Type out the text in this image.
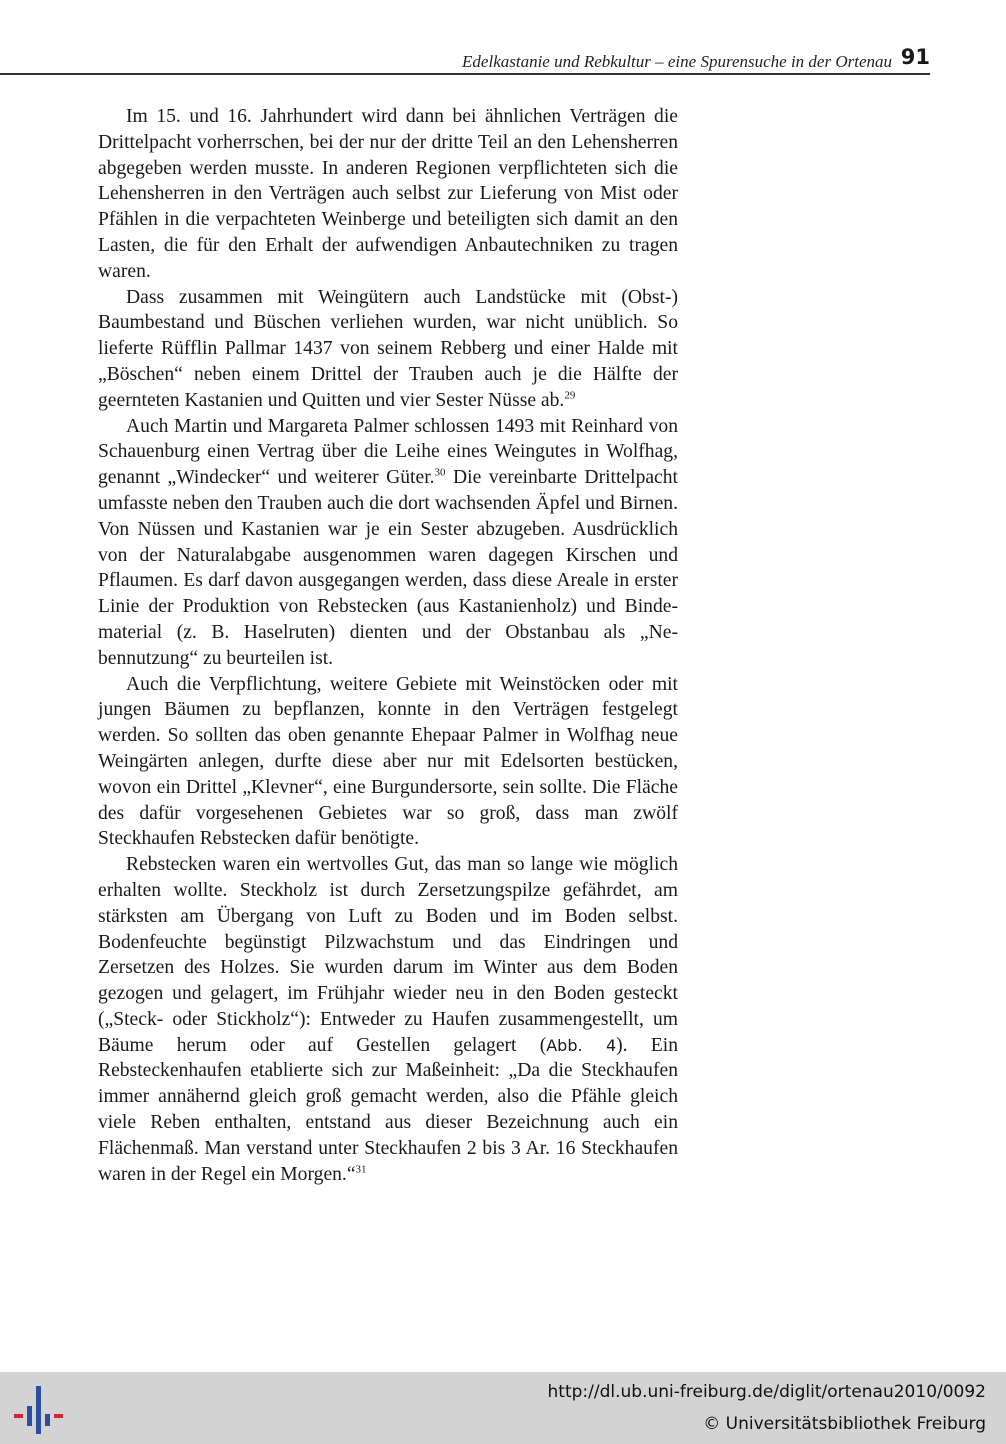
Edelkastanie und Rebkultur – eine Spurensuche in der Ortenau 91

Im 15. und 16. Jahrhundert wird dann bei ähnlichen Verträgen die Drittelpacht vorherrschen, bei der nur der dritte Teil an den Lehensherren abgegeben werden musste. In anderen Regionen verpflichteten sich die Lehensherren in den Verträgen auch selbst zur Lieferung von Mist oder Pfählen in die verpachteten Weinberge und beteiligten sich damit an den Lasten, die für den Erhalt der aufwendigen Anbautechniken zu tragen waren.

Dass zusammen mit Weingütern auch Landstücke mit (Obst-) Baumbestand und Büschen verliehen wurden, war nicht unüblich. So lieferte Rüfflin Pallmar 1437 von seinem Rebberg und einer Halde mit „Böschen“ neben einem Drittel der Trauben auch je die Hälfte der geernteten Kastanien und Quitten und vier Sester Nüsse ab.$^{29}$

Auch Martin und Margareta Palmer schlossen 1493 mit Reinhard von Schauenburg einen Vertrag über die Leihe eines Weingutes in Wolfhag, genannt „Windecker“ und weiterer Güter.$^{30}$ Die vereinbarte Drittelpacht umfasste neben den Trauben auch die dort wachsenden Äpfel und Birnen. Von Nüssen und Kastanien war je ein Sester abzugeben. Ausdrücklich von der Naturalabgabe ausgenommen waren dagegen Kirschen und Pflaumen. Es darf davon ausgegangen werden, dass diese Areale in erster Linie der Produktion von Rebstecken (aus Kastanienholz) und Bindematerial (z. B. Haselruten) dienten und der Obstanbau als „Nebennutzung“ zu beurteilen ist.

Auch die Verpflichtung, weitere Gebiete mit Weinstöcken oder mit jungen Bäumen zu bepflanzen, konnte in den Verträgen festgelegt werden. So sollten das oben genannte Ehepaar Palmer in Wolfhag neue Weingärten anlegen, durfte diese aber nur mit Edelsorten bestücken, wovon ein Drittel „Klevner“, eine Burgundersorte, sein sollte. Die Fläche des dafür vorgesehenen Gebietes war so groß, dass man zwölf Steckhaufen Rebstecken dafür benötigte.

Rebstecken waren ein wertvolles Gut, das man so lange wie möglich erhalten wollte. Steckholz ist durch Zersetzungspilze gefährdet, am stärksten am Übergang von Luft zu Boden und im Boden selbst. Bodenfeuchte begünstigt Pilzwachstum und das Eindringen und Zersetzen des Holzes. Sie wurden darum im Winter aus dem Boden gezogen und gelagert, im Frühjahr wieder neu in den Boden gesteckt („Steck- oder Stickholz“): Entweder zu Haufen zusammengestellt, um Bäume herum oder auf Gestellen gelagert (Abb. 4). Ein Rebsteckenhaufen etablierte sich zur Maßeinheit: „Da die Steckhaufen immer annähernd gleich groß gemacht werden, also die Pfähle gleich viele Reben enthalten, entstand aus dieser Bezeichnung auch ein Flächenmaß. Man verstand unter Steckhaufen 2 bis 3 Ar. 16 Steckhaufen waren in der Regel ein Morgen.“$^{31}$

http://dl.ub.uni-freiburg.de/diglit/ortenau2010/0092
© Universitätsbibliothek Freiburg
